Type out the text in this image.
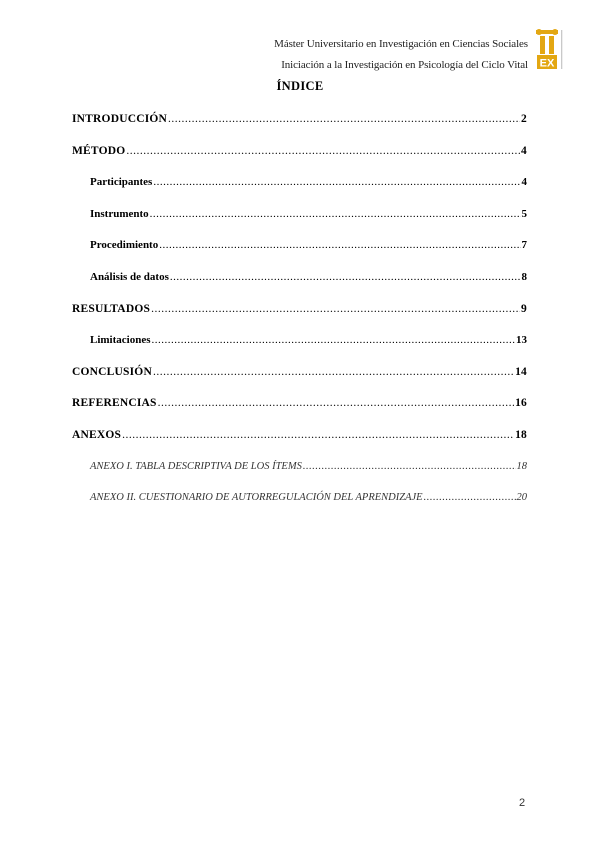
Máster Universitario en Investigación en Ciencias Sociales
Iniciación a la Investigación en Psicología del Ciclo Vital EX
ÍNDICE
INTRODUCCIÓN .....	2
MÉTODO .....	4
Participantes .....	4
Instrumento .....	5
Procedimiento .....	7
Análisis de datos .....	8
RESULTADOS .....	9
Limitaciones .....	13
CONCLUSIÓN .....	14
REFERENCIAS .....	16
ANEXOS .....	18
ANEXO I. TABLA DESCRIPTIVA DE LOS ÍTEMS .....	18
ANEXO II. CUESTIONARIO DE AUTORREGULACIÓN DEL APRENDIZAJE .....	20
2
